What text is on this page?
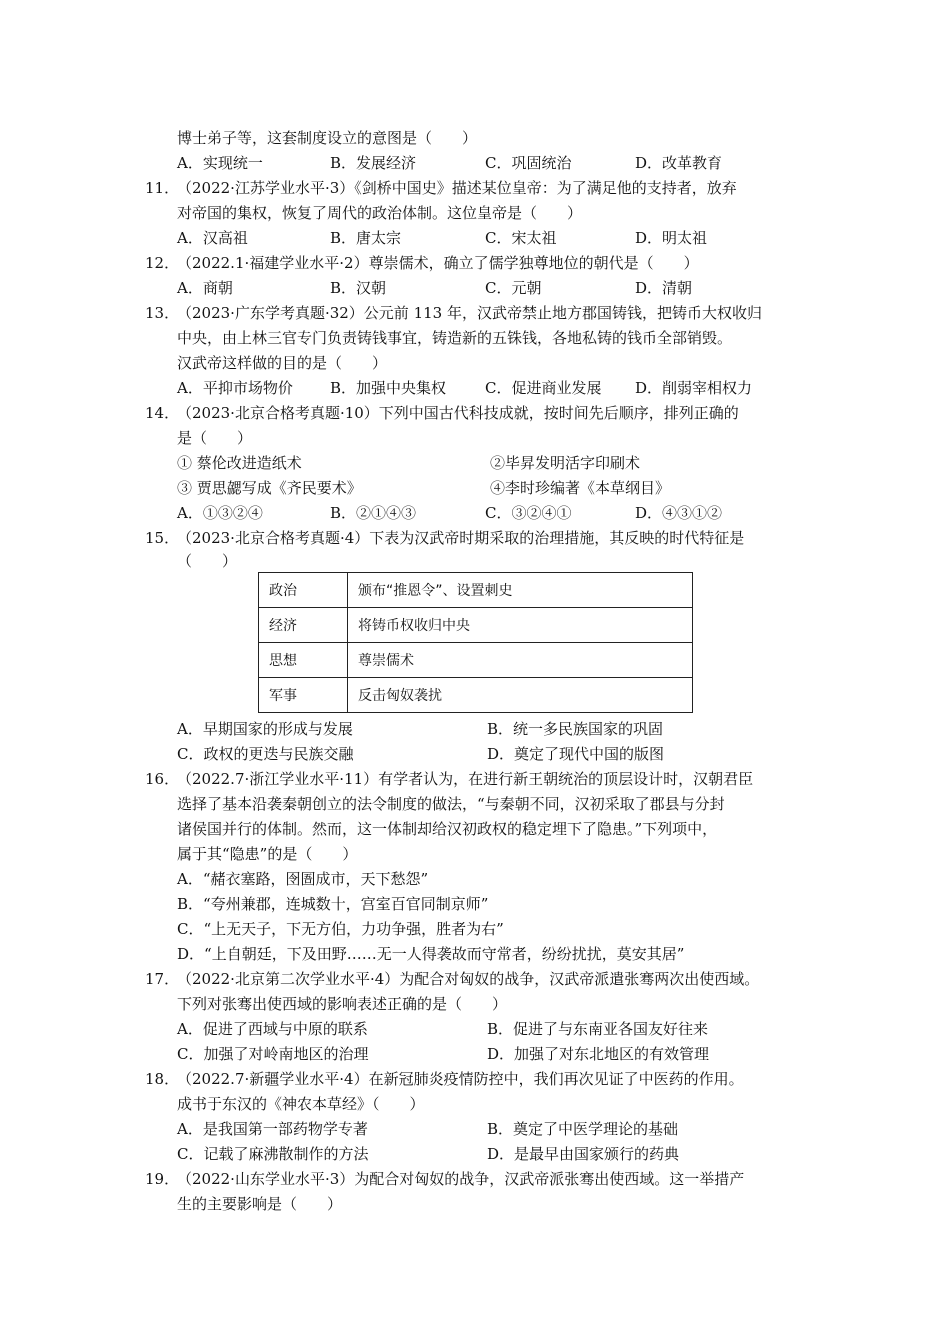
博士弟子等，这套制度设立的意图是（　　）
A．实现统一	B．发展经济	C．巩固统治	D．改革教育
11．
（2022·江苏学业水平·3）《剑桥中国史》描述某位皇帝：为了满足他的支持者，放弃
对帝国的集权，恢复了周代的政治体制。这位皇帝是（　　）
A．汉高祖	B．唐太宗	C．宋太祖	D．明太祖
12．
（2022.1·福建学业水平·2）尊崇儒术，确立了儒学独尊地位的朝代是（　　）
A．商朝	B．汉朝	C．元朝	D．清朝
13．
（2023·广东学考真题·32）公元前 113 年，汉武帝禁止地方郡国铸钱，把铸币大权收归
中央，由上林三官专门负责铸钱事宜，铸造新的五铢钱，各地私铸的钱币全部销毁。
汉武帝这样做的目的是（　　）
A．平抑市场物价 B．加强中央集权	C．促进商业发展 D．削弱宰相权力
14．
（2023·北京合格考真题·10）下列中国古代科技成就，按时间先后顺序，排列正确的
是（　　）
① 蔡伦改进造纸术	②毕昇发明活字印刷术
③ 贾思勰写成《齐民要术》	④李时珍编著《本草纲目》
A．①③②④	B．②①④③	C．③②④①	D．④③①②
15．
（2023·北京合格考真题·4）下表为汉武帝时期采取的治理措施，其反映的时代特征是
（　　）
政治	颁布“推恩令”、设置刺史
经济	将铸币权收归中央
思想	尊崇儒术
军事	反击匈奴袭扰
A．早期国家的形成与发展	B．统一多民族国家的巩固
C．政权的更迭与民族交融	D．奠定了现代中国的版图
16．
（2022.7·浙江学业水平·11）有学者认为，在进行新王朝统治的顶层设计时，汉朝君臣
选择了基本沿袭秦朝创立的法令制度的做法，“与秦朝不同，汉初采取了郡县与分封
诸侯国并行的体制。然而，这一体制却给汉初政权的稳定埋下了隐患。”下列项中，
属于其“隐患”的是（　　）
A．“赭衣塞路，囹圄成市，天下愁怨”
B．“夸州兼郡，连城数十，宫室百官同制京师”
C．“上无天子，下无方伯，力功争强，胜者为右”
D．“上自朝廷，下及田野……无一人得袭故而守常者，纷纷扰扰，莫安其居”
17．
（2022·北京第二次学业水平·4）为配合对匈奴的战争，汉武帝派遣张骞两次出使西域。
下列对张骞出使西域的影响表述正确的是（　　）
A．促进了西域与中原的联系	B．促进了与东南亚各国友好往来
C．加强了对岭南地区的治理	D．加强了对东北地区的有效管理
18．
（2022.7·新疆学业水平·4）在新冠肺炎疫情防控中，我们再次见证了中医药的作用。
成书于东汉的《神农本草经》（　　）
A．是我国第一部药物学专著	B．奠定了中医学理论的基础
C．记载了麻沸散制作的方法	D．是最早由国家颁行的药典
19．
（2022·山东学业水平·3）为配合对匈奴的战争，汉武帝派张骞出使西域。这一举措产
生的主要影响是（　　）
